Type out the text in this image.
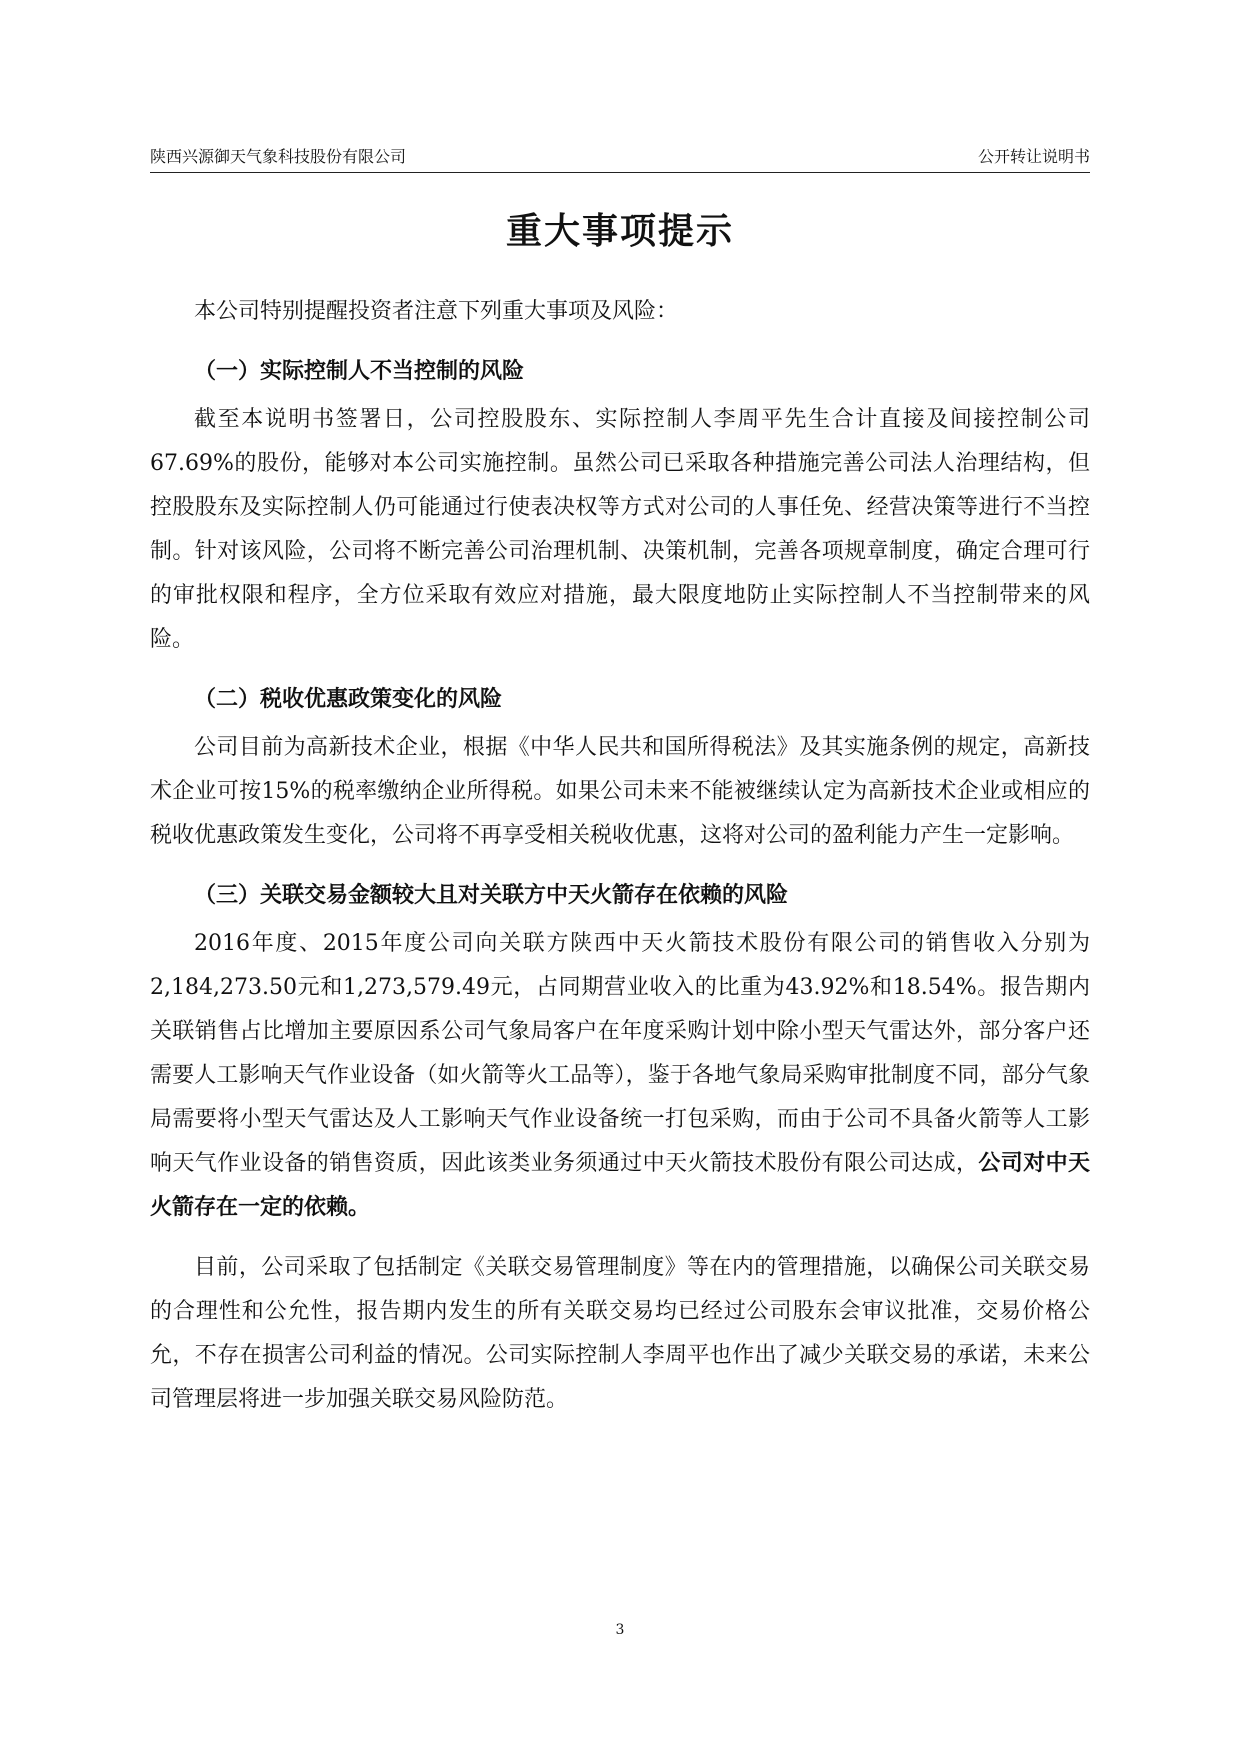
陕西兴源御天气象科技股份有限公司	公开转让说明书
重大事项提示

本公司特别提醒投资者注意下列重大事项及风险：

（一）实际控制人不当控制的风险

截至本说明书签署日，公司控股股东、实际控制人李周平先生合计直接及间接控制公司67.69%的股份，能够对本公司实施控制。虽然公司已采取各种措施完善公司法人治理结构，但控股股东及实际控制人仍可能通过行使表决权等方式对公司的人事任免、经营决策等进行不当控制。针对该风险，公司将不断完善公司治理机制、决策机制，完善各项规章制度，确定合理可行的审批权限和程序，全方位采取有效应对措施，最大限度地防止实际控制人不当控制带来的风险。

（二）税收优惠政策变化的风险

公司目前为高新技术企业，根据《中华人民共和国所得税法》及其实施条例的规定，高新技术企业可按15%的税率缴纳企业所得税。如果公司未来不能被继续认定为高新技术企业或相应的税收优惠政策发生变化，公司将不再享受相关税收优惠，这将对公司的盈利能力产生一定影响。

（三）关联交易金额较大且对关联方中天火箭存在依赖的风险

2016年度、2015年度公司向关联方陕西中天火箭技术股份有限公司的销售收入分别为2,184,273.50元和1,273,579.49元，占同期营业收入的比重为43.92%和18.54%。报告期内关联销售占比增加主要原因系公司气象局客户在年度采购计划中除小型天气雷达外，部分客户还需要人工影响天气作业设备（如火箭等火工品等），鉴于各地气象局采购审批制度不同，部分气象局需要将小型天气雷达及人工影响天气作业设备统一打包采购，而由于公司不具备火箭等人工影响天气作业设备的销售资质，因此该类业务须通过中天火箭技术股份有限公司达成，公司对中天火箭存在一定的依赖。

目前，公司采取了包括制定《关联交易管理制度》等在内的管理措施，以确保公司关联交易的合理性和公允性，报告期内发生的所有关联交易均已经过公司股东会审议批准，交易价格公允，不存在损害公司利益的情况。公司实际控制人李周平也作出了减少关联交易的承诺，未来公司管理层将进一步加强关联交易风险防范。

3
